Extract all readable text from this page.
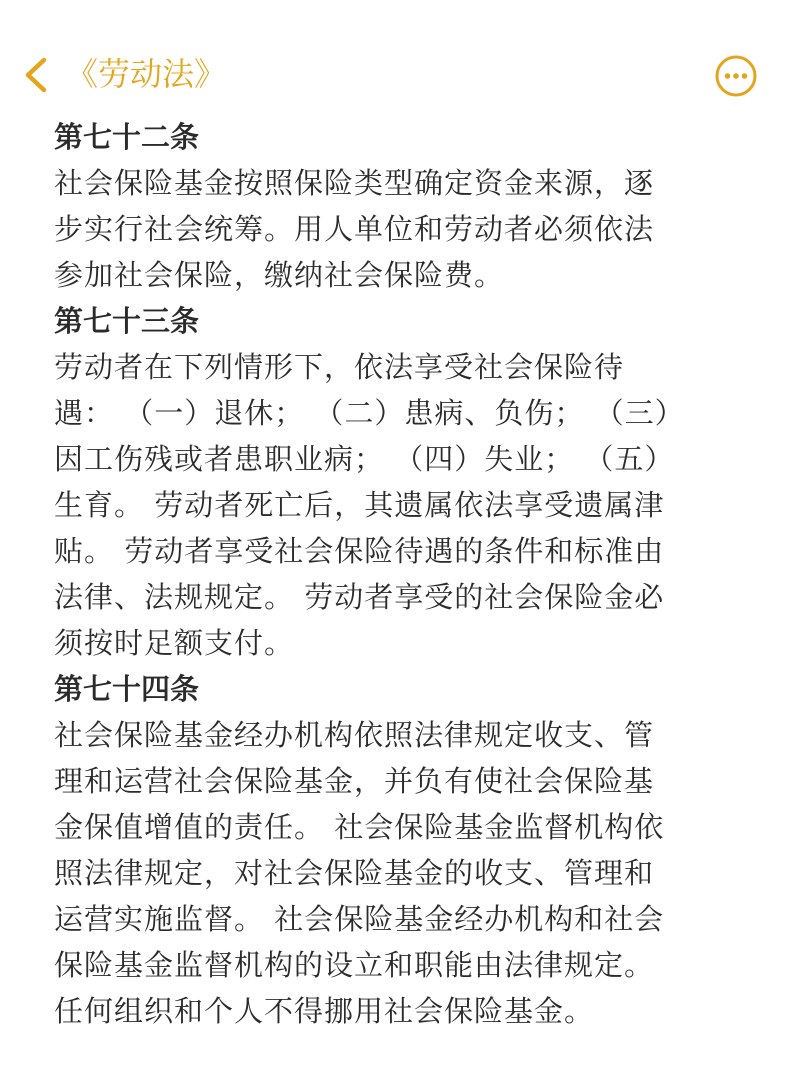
《劳动法》
第七十二条
社会保险基金按照保险类型确定资金来源，逐
步实行社会统筹。用人单位和劳动者必须依法
参加社会保险，缴纳社会保险费。
第七十三条
劳动者在下列情形下，依法享受社会保险待
遇： （一）退休； （二）患病、负伤； （三）
因工伤残或者患职业病； （四）失业； （五）
生育。 劳动者死亡后，其遗属依法享受遗属津
贴。 劳动者享受社会保险待遇的条件和标准由
法律、法规规定。 劳动者享受的社会保险金必
须按时足额支付。
第七十四条
社会保险基金经办机构依照法律规定收支、管
理和运营社会保险基金，并负有使社会保险基
金保值增值的责任。 社会保险基金监督机构依
照法律规定，对社会保险基金的收支、管理和
运营实施监督。 社会保险基金经办机构和社会
保险基金监督机构的设立和职能由法律规定。
任何组织和个人不得挪用社会保险基金。
